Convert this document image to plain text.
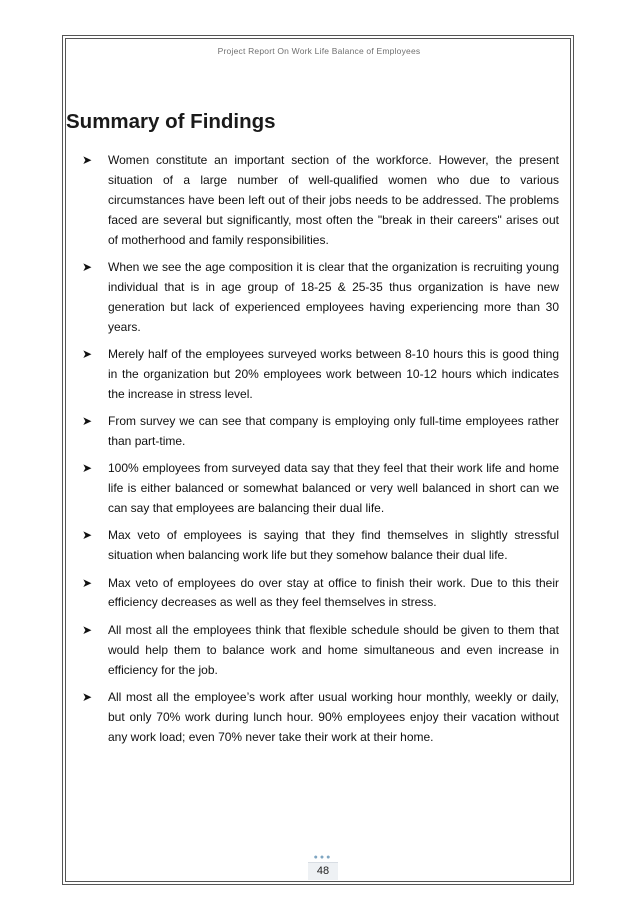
Project Report On Work Life Balance of Employees
Summary of Findings
➤	Women constitute an important section of the workforce. However, the present situation of a large number of well-qualified women who due to various circumstances have been left out of their jobs needs to be addressed. The problems faced are several but significantly, most often the "break in their careers" arises out of motherhood and family responsibilities.
➤	When we see the age composition it is clear that the organization is recruiting young individual that is in age group of 18-25 & 25-35 thus organization is have new generation but lack of experienced employees having experiencing more than 30 years.
➤	Merely half of the employees surveyed works between 8-10 hours this is good thing in the organization but 20% employees work between 10-12 hours which indicates the increase in stress level.
➤	From survey we can see that company is employing only full-time employees rather than part-time.
➤	100% employees from surveyed data say that they feel that their work life and home life is either balanced or somewhat balanced or very well balanced in short can we can say that employees are balancing their dual life.
➤	Max veto of employees is saying that they find themselves in slightly stressful situation when balancing work life but they somehow balance their dual life.
➤	Max veto of employees do over stay at office to finish their work. Due to this their efficiency decreases as well as they feel themselves in stress.
➤	All most all the employees think that flexible schedule should be given to them that would help them to balance work and home simultaneous and even increase in efficiency for the job.
➤	All most all the employee’s work after usual working hour monthly, weekly or daily, but only 70% work during lunch hour. 90% employees enjoy their vacation without any work load; even 70% never take their work at their home.
●●●
48
